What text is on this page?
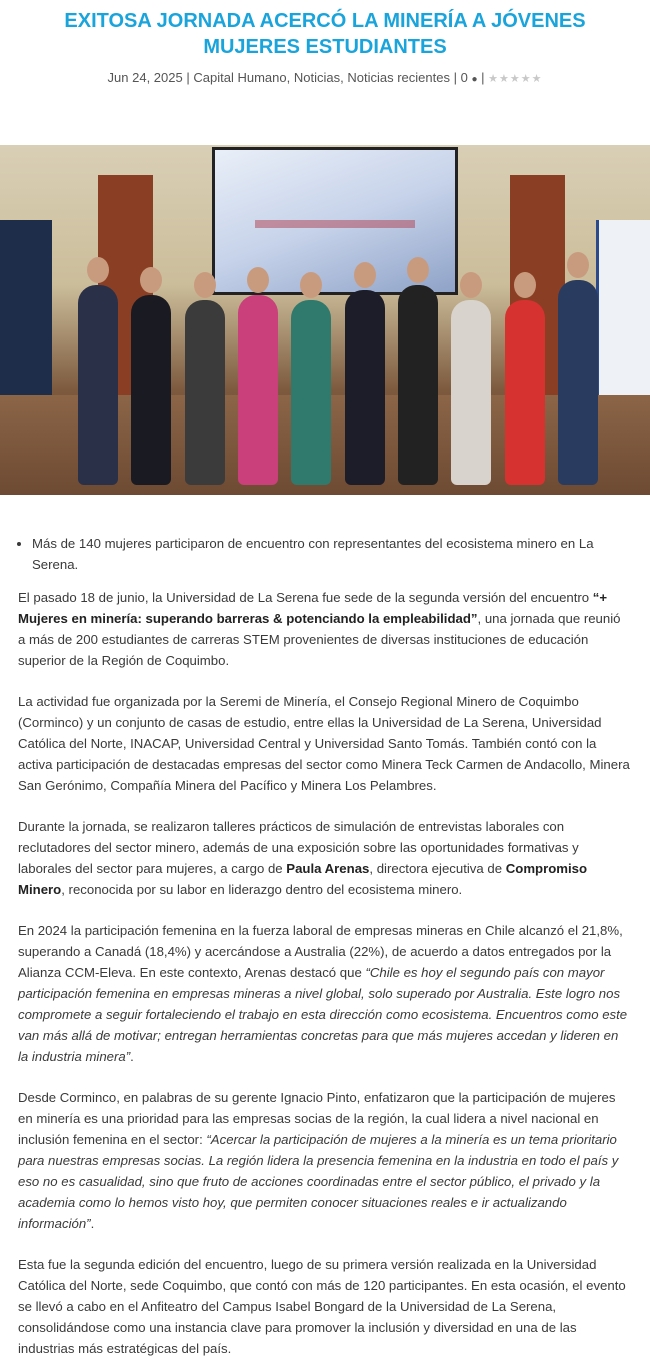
EXITOSA JORNADA ACERCÓ LA MINERÍA A JÓVENES MUJERES ESTUDIANTES
Jun 24, 2025 | Capital Humano, Noticias, Noticias recientes | 0 ● | ★★★★★
• Más de 140 mujeres participaron de encuentro con representantes del ecosistema minero en La Serena.

El pasado 18 de junio, la Universidad de La Serena fue sede de la segunda versión del encuentro “+ Mujeres en minería: superando barreras & potenciando la empleabilidad”, una jornada que reunió a más de 200 estudiantes de carreras STEM provenientes de diversas instituciones de educación superior de la Región de Coquimbo.

La actividad fue organizada por la Seremi de Minería, el Consejo Regional Minero de Coquimbo (Corminco) y un conjunto de casas de estudio, entre ellas la Universidad de La Serena, Universidad Católica del Norte, INACAP, Universidad Central y Universidad Santo Tomás. También contó con la activa participación de destacadas empresas del sector como Minera Teck Carmen de Andacollo, Minera San Gerónimo, Compañía Minera del Pacífico y Minera Los Pelambres.

Durante la jornada, se realizaron talleres prácticos de simulación de entrevistas laborales con reclutadores del sector minero, además de una exposición sobre las oportunidades formativas y laborales del sector para mujeres, a cargo de Paula Arenas, directora ejecutiva de Compromiso Minero, reconocida por su labor en liderazgo dentro del ecosistema minero.

En 2024 la participación femenina en la fuerza laboral de empresas mineras en Chile alcanzó el 21,8%, superando a Canadá (18,4%) y acercándose a Australia (22%), de acuerdo a datos entregados por la Alianza CCM-Eleva. En este contexto, Arenas destacó que “Chile es hoy el segundo país con mayor participación femenina en empresas mineras a nivel global, solo superado por Australia. Este logro nos compromete a seguir fortaleciendo el trabajo en esta dirección como ecosistema. Encuentros como este van más allá de motivar; entregan herramientas concretas para que más mujeres accedan y lideren en la industria minera”.

Desde Corminco, en palabras de su gerente Ignacio Pinto, enfatizaron que la participación de mujeres en minería es una prioridad para las empresas socias de la región, la cual lidera a nivel nacional en inclusión femenina en el sector: “Acercar la participación de mujeres a la minería es un tema prioritario para nuestras empresas socias. La región lidera la presencia femenina en la industria en todo el país y eso no es casualidad, sino que fruto de acciones coordinadas entre el sector público, el privado y la academia como lo hemos visto hoy, que permiten conocer situaciones reales e ir actualizando información”.

Esta fue la segunda edición del encuentro, luego de su primera versión realizada en la Universidad Católica del Norte, sede Coquimbo, que contó con más de 120 participantes. En esta ocasión, el evento se llevó a cabo en el Anfiteatro del Campus Isabel Bongard de la Universidad de La Serena, consolidándose como una instancia clave para promover la inclusión y diversidad en una de las industrias más estratégicas del país.
